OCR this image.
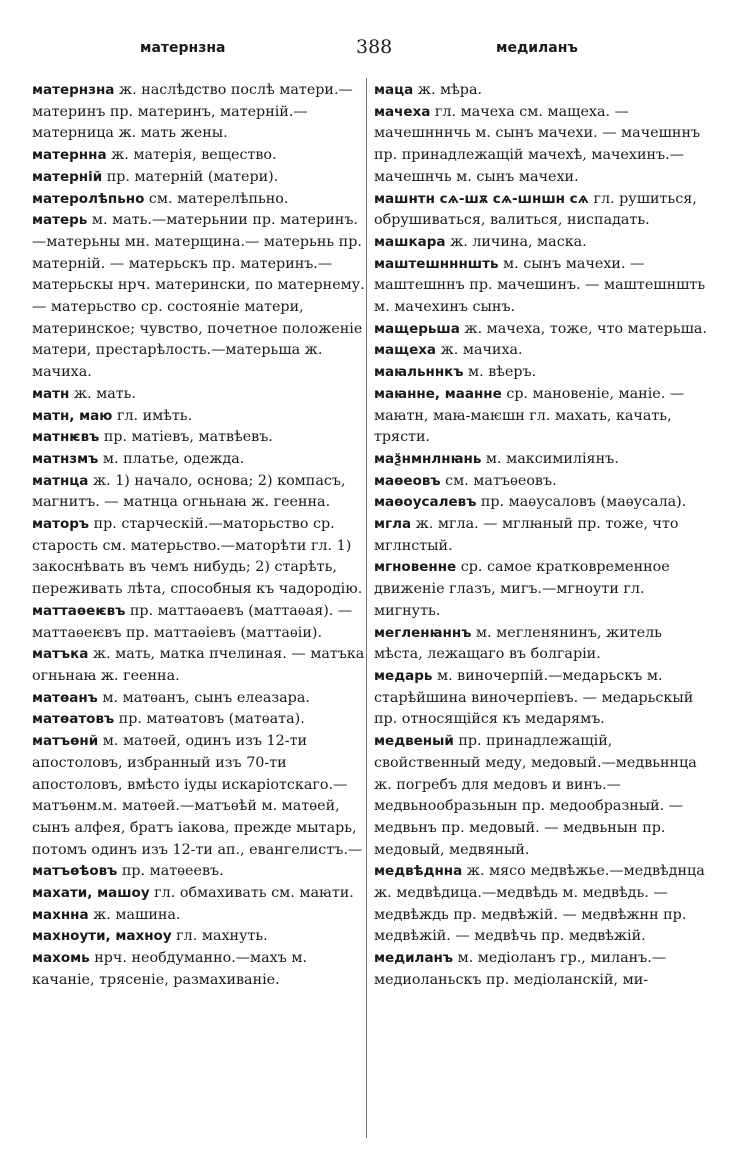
матернзна	388	медиланъ
матернзна ж. наслѣдство послѣ матери.— материнъ пр. материнъ, матерній.—матерница ж. мать жены.
матернна ж. матерія, вещество.
матерній пр. матерній (матери).
матеролѣпьно см. матерелѣпьно.
матерь м. мать.—матерьнии пр. материнъ.—матерьны мн. матерщина.— матерьнь пр. матерній. — матерьскъ пр. материнъ.—матерьскы нрч. матерински, по матернему. — матерьство ср. состояніе матери, материнское; чувство, почетное положеніе матери, престарѣлость.—матерьша ж. мачиха.
матн ж. мать.
матн, маю гл. имѣть.
матнѥвъ пр. матіевъ, матвѣевъ.
матнзмъ м. платье, одежда.
матнца ж. 1) начало, основа; 2) компасъ, магнитъ. — матнца огньнаꙗ ж. геенна.
маторъ пр. старческій.—маторьство ср. старость см. матерьство.—маторѣти гл. 1) закоснѣвать въ чемъ нибудь; 2) старѣть, переживать лѣта, способныя къ чадородію.
маттаѳеѥвъ пр. маттаѳаевъ (маттаѳая). — маттаѳеѥвъ пр. маттаѳіевъ (маттаѳіи).
матъка ж. мать, матка пчелиная. — матъка огньнаꙗ ж. геенна.
матѳанъ м. матѳанъ, сынъ елеазара.
матѳатовъ пр. матѳатовъ (матѳата).
матъѳнй м. матѳей, одинъ изъ 12-ти апостоловъ, избранный изъ 70-ти апостоловъ, вмѣсто іуды искаріотскаго.—матъѳнм.м. матѳей.—матъѳѣй м. матѳей, сынъ алфея, братъ іакова, прежде мытарь, потомъ одинъ изъ 12-ти ап., евангелистъ.—
матъѳѣовъ пр. матѳеевъ.
махати, машоу гл. обмахивать см. маꙗти.
махнна ж. машина.
махноути, махноу гл. махнуть.
махомь нрч. необдуманно.—махъ м. качаніе, трясеніе, размахиваніе.
маца ж. мѣра.
мачеха гл. мачеха см. мащеха. — мачешнннчь м. сынъ мачехи. — мачешннъ пр. принадлежащій мачехѣ, мачехинъ.—мачешнчь м. сынъ мачехи.
машнтн сѧ-шѫ сѧ-шншн сѧ гл. рушиться, обрушиваться, валиться, ниспадать.
машкара ж. личина, маска.
маштешннншть м. сынъ мачехи. — маштешннъ пр. мачешинъ. — маштешншть м. мачехинъ сынъ.
мащерьша ж. мачеха, тоже, что матерьша.
мащеха ж. мачиха.
маꙗльннкъ м. вѣеръ.
маꙗнне, маанне ср. мановеніе, маніе. — маꙗтн, маꙗ-маѥшн гл. махать, качать, трясти.
маѯнмнлнꙗнь м. максимиліянъ.
маѳеовъ см. матъѳеовъ.
маѳоусалевъ пр. маѳусаловъ (маѳусала).
мгла ж. мгла. — мглꙗный пр. тоже, что мглнстый.
мгновенне ср. самое кратковременное движеніе глазъ, мигъ.—мгноути гл. мигнуть.
мегленꙗннъ м. мегленянинъ, житель мѣста, лежащаго въ болгаріи.
медарь м. виночерпій.—медарьскъ м. старѣйшина виночерпіевъ. — медарьскый пр. относящійся къ медарямъ.
медвеный пр. принадлежащій, свойственный меду, медовый.—медвьннца ж. погребъ для медовъ и винъ.— медвьнообразьнын пр. медообразный. — медвьнъ пр. медовый. — медвьнын пр. медовый, медвяный.
медвѣднна ж. мясо медвѣжье.—медвѣднца ж. медвѣдица.—медвѣдь м. медвѣдь. — медвѣждь пр. медвѣжій. — медвѣжнн пр. медвѣжій. — медвѣчь пр. медвѣжій.
медиланъ м. медіоланъ гр., миланъ.— медиоланьскъ пр. медіоланскій, ми-
